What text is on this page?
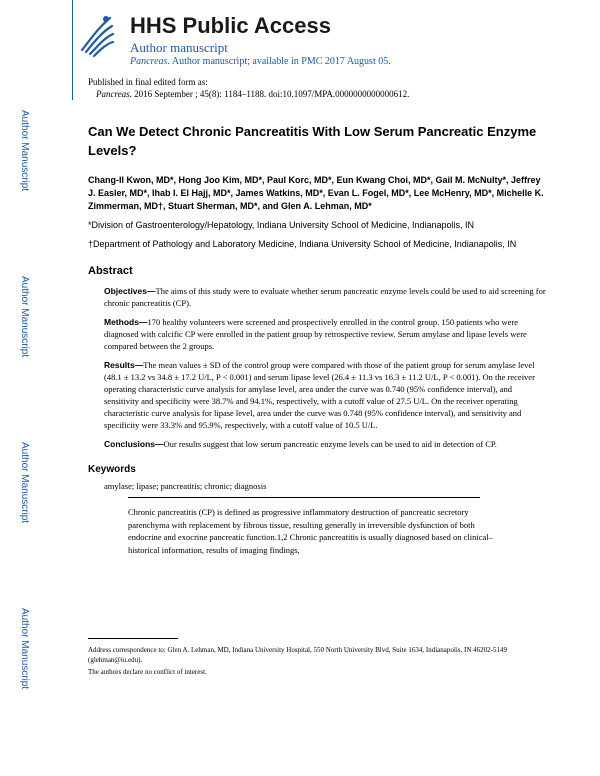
Author Manuscript
Author Manuscript
Author Manuscript
Author Manuscript
HHS Public Access
Author manuscript
Pancreas. Author manuscript; available in PMC 2017 August 05.
Published in final edited form as:
Pancreas. 2016 September ; 45(8): 1184–1188. doi:10.1097/MPA.0000000000000612.
Can We Detect Chronic Pancreatitis With Low Serum Pancreatic Enzyme Levels?

Chang-Il Kwon, MD*, Hong Joo Kim, MD*, Paul Korc, MD*, Eun Kwang Choi, MD*, Gail M. McNulty*, Jeffrey J. Easler, MD*, Ihab I. El Hajj, MD*, James Watkins, MD*, Evan L. Fogel, MD*, Lee McHenry, MD*, Michelle K. Zimmerman, MD†, Stuart Sherman, MD*, and Glen A. Lehman, MD*

*Division of Gastroenterology/Hepatology, Indiana University School of Medicine, Indianapolis, IN

†Department of Pathology and Laboratory Medicine, Indiana University School of Medicine, Indianapolis, IN

Abstract

Objectives—The aims of this study were to evaluate whether serum pancreatic enzyme levels could be used to aid screening for chronic pancreatitis (CP).

Methods—170 healthy volunteers were screened and prospectively enrolled in the control group. 150 patients who were diagnosed with calcific CP were enrolled in the patient group by retrospective review. Serum amylase and lipase levels were compared between the 2 groups.

Results—The mean values ± SD of the control group were compared with those of the patient group for serum amylase level (48.1 ± 13.2 vs 34.8 ± 17.2 U/L, P < 0.001) and serum lipase level (26.4 ± 11.3 vs 16.3 ± 11.2 U/L, P < 0.001). On the receiver operating characteristic curve analysis for amylase level, area under the curve was 0.740 (95% confidence interval), and sensitivity and specificity were 38.7% and 94.1%, respectively, with a cutoff value of 27.5 U/L. On the receiver operating characteristic curve analysis for lipase level, area under the curve was 0.748 (95% confidence interval), and sensitivity and specificity were 33.3% and 95.9%, respectively, with a cutoff value of 10.5 U/L.

Conclusions—Our results suggest that low serum pancreatic enzyme levels can be used to aid in detection of CP.

Keywords

amylase; lipase; pancreatitis; chronic; diagnosis

Chronic pancreatitis (CP) is defined as progressive inflammatory destruction of pancreatic secretory parenchyma with replacement by fibrous tissue, resulting generally in irreversible dysfunction of both endocrine and exocrine pancreatic function.1,2 Chronic pancreatitis is usually diagnosed based on clinical–historical information, results of imaging findings,

Address correspondence to: Glen A. Lehman, MD, Indiana University Hospital, 550 North University Blvd, Suite 1634, Indianapolis, IN 46202-5149 (glehman@iu.edu).

The authors declare no conflict of interest.
